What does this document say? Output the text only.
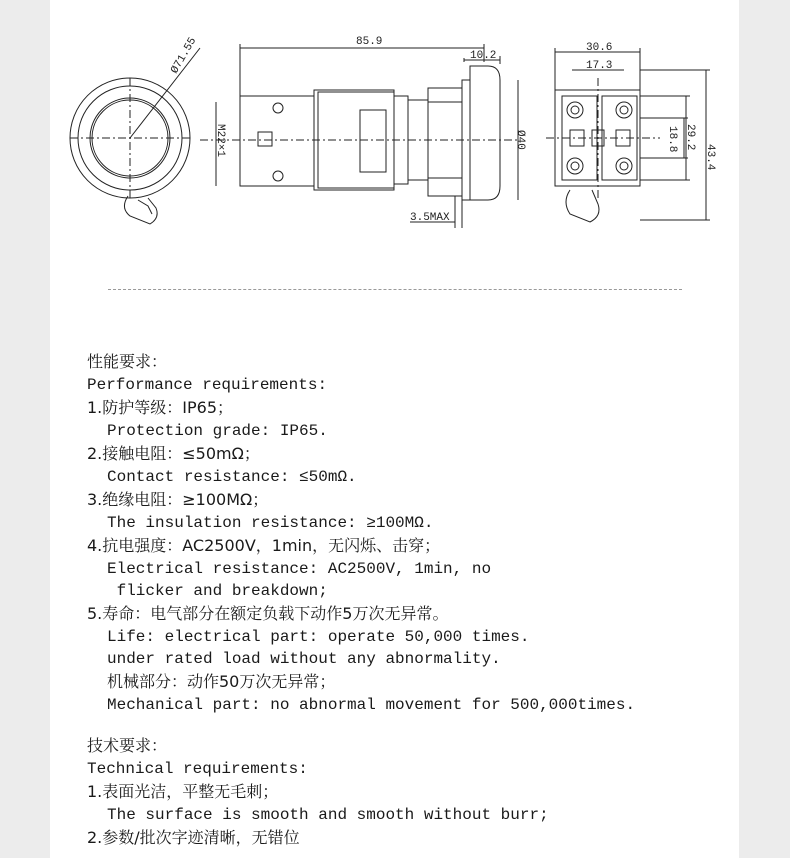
85.9
10.2
M22×1	Ø40
3.5MAX
30.6
17.3
18.8 29.2
43.4
Ø71.55
性能要求：
Performance requirements:
1.防护等级：IP65；
Protection grade: IP65.
2.接触电阻：≤50mΩ；
Contact resistance: ≤50mΩ.
3.绝缘电阻：≥100MΩ；
The insulation resistance: ≥100MΩ.
4.抗电强度：AC2500V，1min，无闪烁、击穿；
Electrical resistance: AC2500V, 1min, no
flicker and breakdown;
5.寿命：电气部分在额定负载下动作5万次无异常。
Life: electrical part: operate 50,000 times.
under rated load without any abnormality.
机械部分：动作50万次无异常；
Mechanical part: no abnormal movement for 500,000times.
技术要求：
Technical requirements:
1.表面光洁，平整无毛刺；
The surface is smooth and smooth without burr;
2.参数/批次字迹清晰，无错位
